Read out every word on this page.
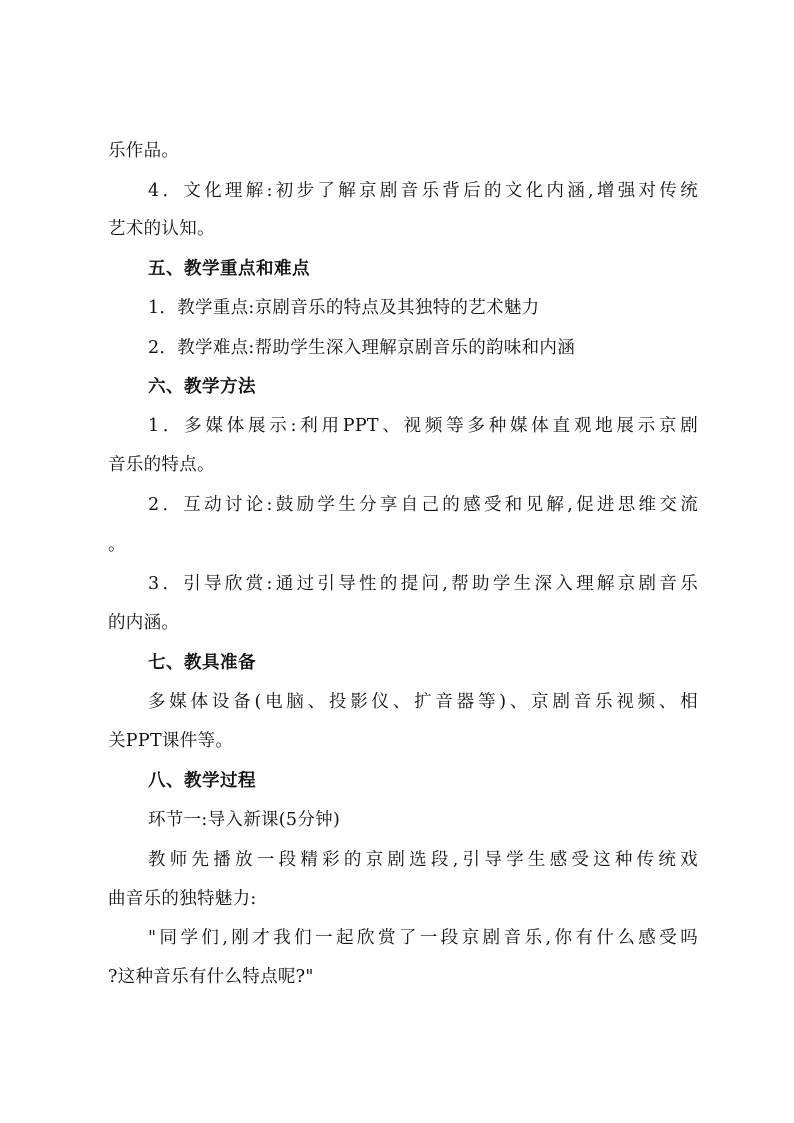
乐作品。
4．文化理解:初步了解京剧音乐背后的文化内涵,增强对传统
艺术的认知。
五、教学重点和难点
1．教学重点:京剧音乐的特点及其独特的艺术魅力
2．教学难点:帮助学生深入理解京剧音乐的韵味和内涵
六、教学方法
1．多媒体展示:利用PPT、视频等多种媒体直观地展示京剧
音乐的特点。
2．互动讨论:鼓励学生分享自己的感受和见解,促进思维交流
。
3．引导欣赏:通过引导性的提问,帮助学生深入理解京剧音乐
的内涵。
七、教具准备
多媒体设备(电脑、投影仪、扩音器等)、京剧音乐视频、相
关PPT课件等。
八、教学过程
环节一:导入新课(5分钟)
教师先播放一段精彩的京剧选段,引导学生感受这种传统戏
曲音乐的独特魅力:
"同学们,刚才我们一起欣赏了一段京剧音乐,你有什么感受吗
?这种音乐有什么特点呢?"
